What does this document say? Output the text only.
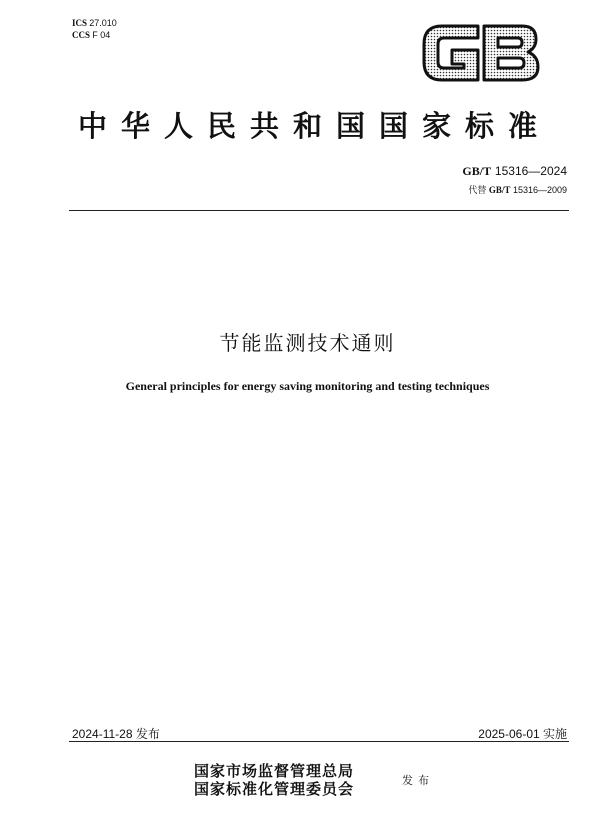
ICS 27.010
CCS F 04
中华人民共和国国家标准
GB/T 15316—2024
代替 GB/T 15316—2009
节能监测技术通则
General principles for energy saving monitoring and testing techniques
2024-11-28 发布	2025-06-01 实施
国家市场监督管理总局
国家标准化管理委员会	发布
